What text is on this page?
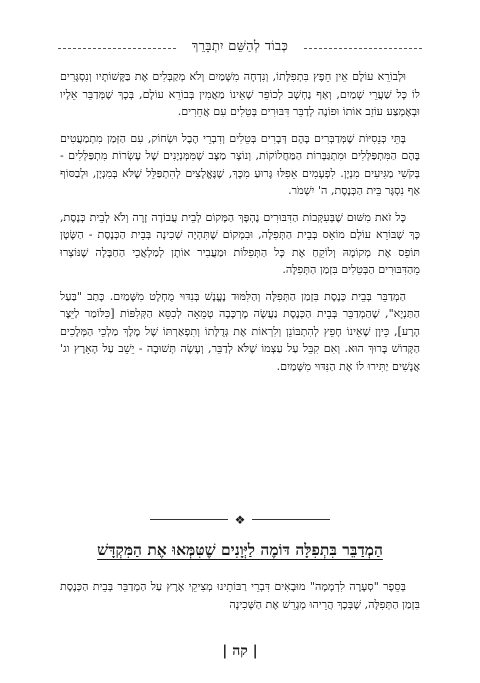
כְּבוֹד לְהַשֵּׁם יִתְבָּרֵךְ

וּלְבוֹרֵא עוֹלָם אֵין חֵפֶץ בִּתְפִלָּתוֹ, וְנִדְחָה מִשָּׁמַיִם וְלֹא מְקַבְּלִים אֶת בַּקָּשׁוֹתָיו וְנִסְגָּרִים לוֹ כָּל שַׁעֲרֵי שָׁמַיִם, וְאַף נֶחְשָׁב לְכוֹפֵר שֶׁאֵינוֹ מַאֲמִין בְּבוֹרֵא עוֹלָם, בְּכָךְ שֶׁמְּדַבֵּר אֵלָיו וּבְאֶמְצַע עוֹזֵב אוֹתוֹ וּפוֹנֶה לְדַבֵּר דִּבּוּרִים בְּטֵלִים עִם אֲחֵרִים.

בָּתֵּי כְּנֵסִיּוֹת שֶׁמְּדַבְּרִים בָּהֶם דְּבָרִים בְּטֵלִים וְדִבְרֵי הֶבֶל וּשְׂחוֹק, עִם הַזְּמַן מִתְמַעֲטִים בָּהֶם הַמִּתְפַּלְּלִים וּמִתְגַּבְּרוֹת הַמַּחֲלוֹקוֹת, וְנוֹצָר מַצָּב שֶׁמִּמְּנְיָנִים שֶׁל עֶשְׂרוֹת מִתְפַּלְּלִים - בְּקֹשִׁי מַגִּיעִים מִנְיָן. לִפְעָמִים אֵפִלּוּ גָּרוּעַ מִכָּךְ, שֶׁנֶּאֱלָצִים לְהִתְפַּלֵּל שֶׁלֹּא בְּמִנְיָן, וּלְבַסּוֹף אַף נִסְגָּר בֵּית הַכְּנֶסֶת, ה' יִשְׁמֹר.

כָּל זֹאת מִשּׁוּם שֶׁבְּעִקְּבוֹת הַדִּבּוּרִים נֶהְפָּךְ הַמָּקוֹם לְבֵית עֲבוֹדָה זָרָה וְלֹא לְבֵית כְּנֶסֶת, כָּךְ שֶׁבּוֹרֵא עוֹלָם מוֹאֵס בְּבֵית הַתְּפִלָּה, וּבִמְקוֹם שֶׁתִּהְיֶה שְׁכִינָה בְּבֵית הַכְּנֶסֶת - הַשָּׂטָן תּוֹפֵס אֶת מְקוֹמָהּ וְלוֹקֵחַ אֶת כָּל הַתְּפִלּוֹת וּמַעֲבִיר אוֹתָן לְמַלְאֲכֵי הַחַבָּלָה שֶׁנּוֹצְרוּ מֵהַדִּבּוּרִים הַבְּטֵלִים בִּזְמַן הַתְּפִלָּה.

הַמְדַבֵּר בְּבֵית כְּנֶסֶת בִּזְמַן הַתְּפִלָּה וְהַלִּמּוּד נֶעֱנָשׁ בְּנִדּוּי מֻחְלָט מִשָּׁמַיִם. כָּתַב "בַּעַל הַתַּנְיָא", שֶׁהַמְדַבֵּר בְּבֵית הַכְּנֶסֶת נַעֲשָׂה מֶרְכָּבָה טְמֵאָה לְכִסֵּא הַקְּלִפּוֹת [כִּלּוֹמַר לַיֵּצֶר הָרָע], כֵּיוָן שֶׁאֵינוֹ חָפֵץ לְהִתְבּוֹנֵן וְלִרְאוֹת אֶת גְּדֻלָּתוֹ וְתִפְאַרְתּוֹ שֶׁל מֶלֶךְ מַלְכֵי הַמְּלָכִים הַקָּדוֹשׁ בָּרוּךְ הוּא. וְאִם קִבֵּל עַל עַצְמוֹ שֶׁלֹּא לְדַבֵּר, וְעָשָׂה תְּשׁוּבָה - יֵשֵׁב עַל הָאָרֶץ וג' אֲנָשִׁים יַתִּירוּ לוֹ אֶת הַנִּדּוּי מִשָּׁמַיִם.

❖
הַמְדַבֵּר בִּתְפִלָּה דּוֹמֶה לַיְּוָנִים שֶׁטִּמְּאוּ אֶת הַמִּקְדָּשׁ

בְּסֵפֶר "סְעָרָה לִדְמָמָה" מוּבָאִים דִּבְרֵי רַבּוֹתֵינוּ מְצִיקֵי אֶרֶץ עַל הַמְדַבֵּר בְּבֵית הַכְּנֶסֶת בִּזְמַן הַתְּפִלָּה, שֶׁבְּכָךְ הֲרֵיהוּ מְגָרֵשׁ אֶת הַשְּׁכִינָה

| קה |
